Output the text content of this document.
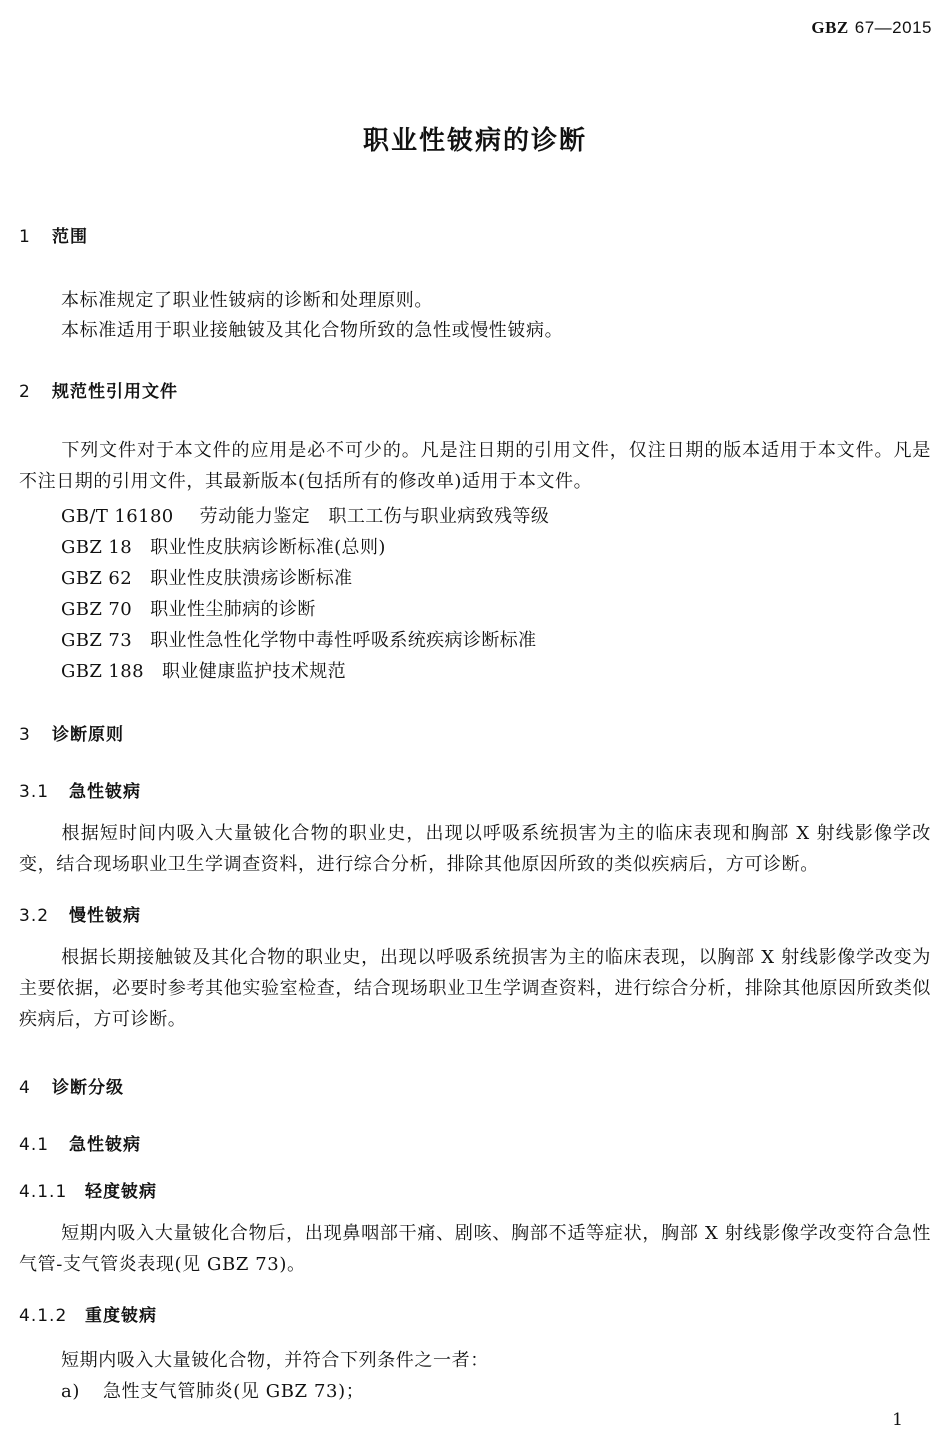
GBZ 67—2015
职业性铍病的诊断
1 范围
本标准规定了职业性铍病的诊断和处理原则。
本标准适用于职业接触铍及其化合物所致的急性或慢性铍病。
2 规范性引用文件
下列文件对于本文件的应用是必不可少的。凡是注日期的引用文件，仅注日期的版本适用于本文件。凡是不注日期的引用文件，其最新版本(包括所有的修改单)适用于本文件。
GB/T 16180 劳动能力鉴定　职工工伤与职业病致残等级
GBZ 18 职业性皮肤病诊断标准(总则)
GBZ 62 职业性皮肤溃疡诊断标准
GBZ 70 职业性尘肺病的诊断
GBZ 73 职业性急性化学物中毒性呼吸系统疾病诊断标准
GBZ 188 职业健康监护技术规范
3 诊断原则
3.1 急性铍病
根据短时间内吸入大量铍化合物的职业史，出现以呼吸系统损害为主的临床表现和胸部 X 射线影像学改变，结合现场职业卫生学调查资料，进行综合分析，排除其他原因所致的类似疾病后，方可诊断。
3.2 慢性铍病
根据长期接触铍及其化合物的职业史，出现以呼吸系统损害为主的临床表现，以胸部 X 射线影像学改变为主要依据，必要时参考其他实验室检查，结合现场职业卫生学调查资料，进行综合分析，排除其他原因所致类似疾病后，方可诊断。
4 诊断分级
4.1 急性铍病
4.1.1 轻度铍病
短期内吸入大量铍化合物后，出现鼻咽部干痛、剧咳、胸部不适等症状，胸部 X 射线影像学改变符合急性气管-支气管炎表现(见 GBZ 73)。
4.1.2 重度铍病
短期内吸入大量铍化合物，并符合下列条件之一者：
a) 急性支气管肺炎(见 GBZ 73)；
1
